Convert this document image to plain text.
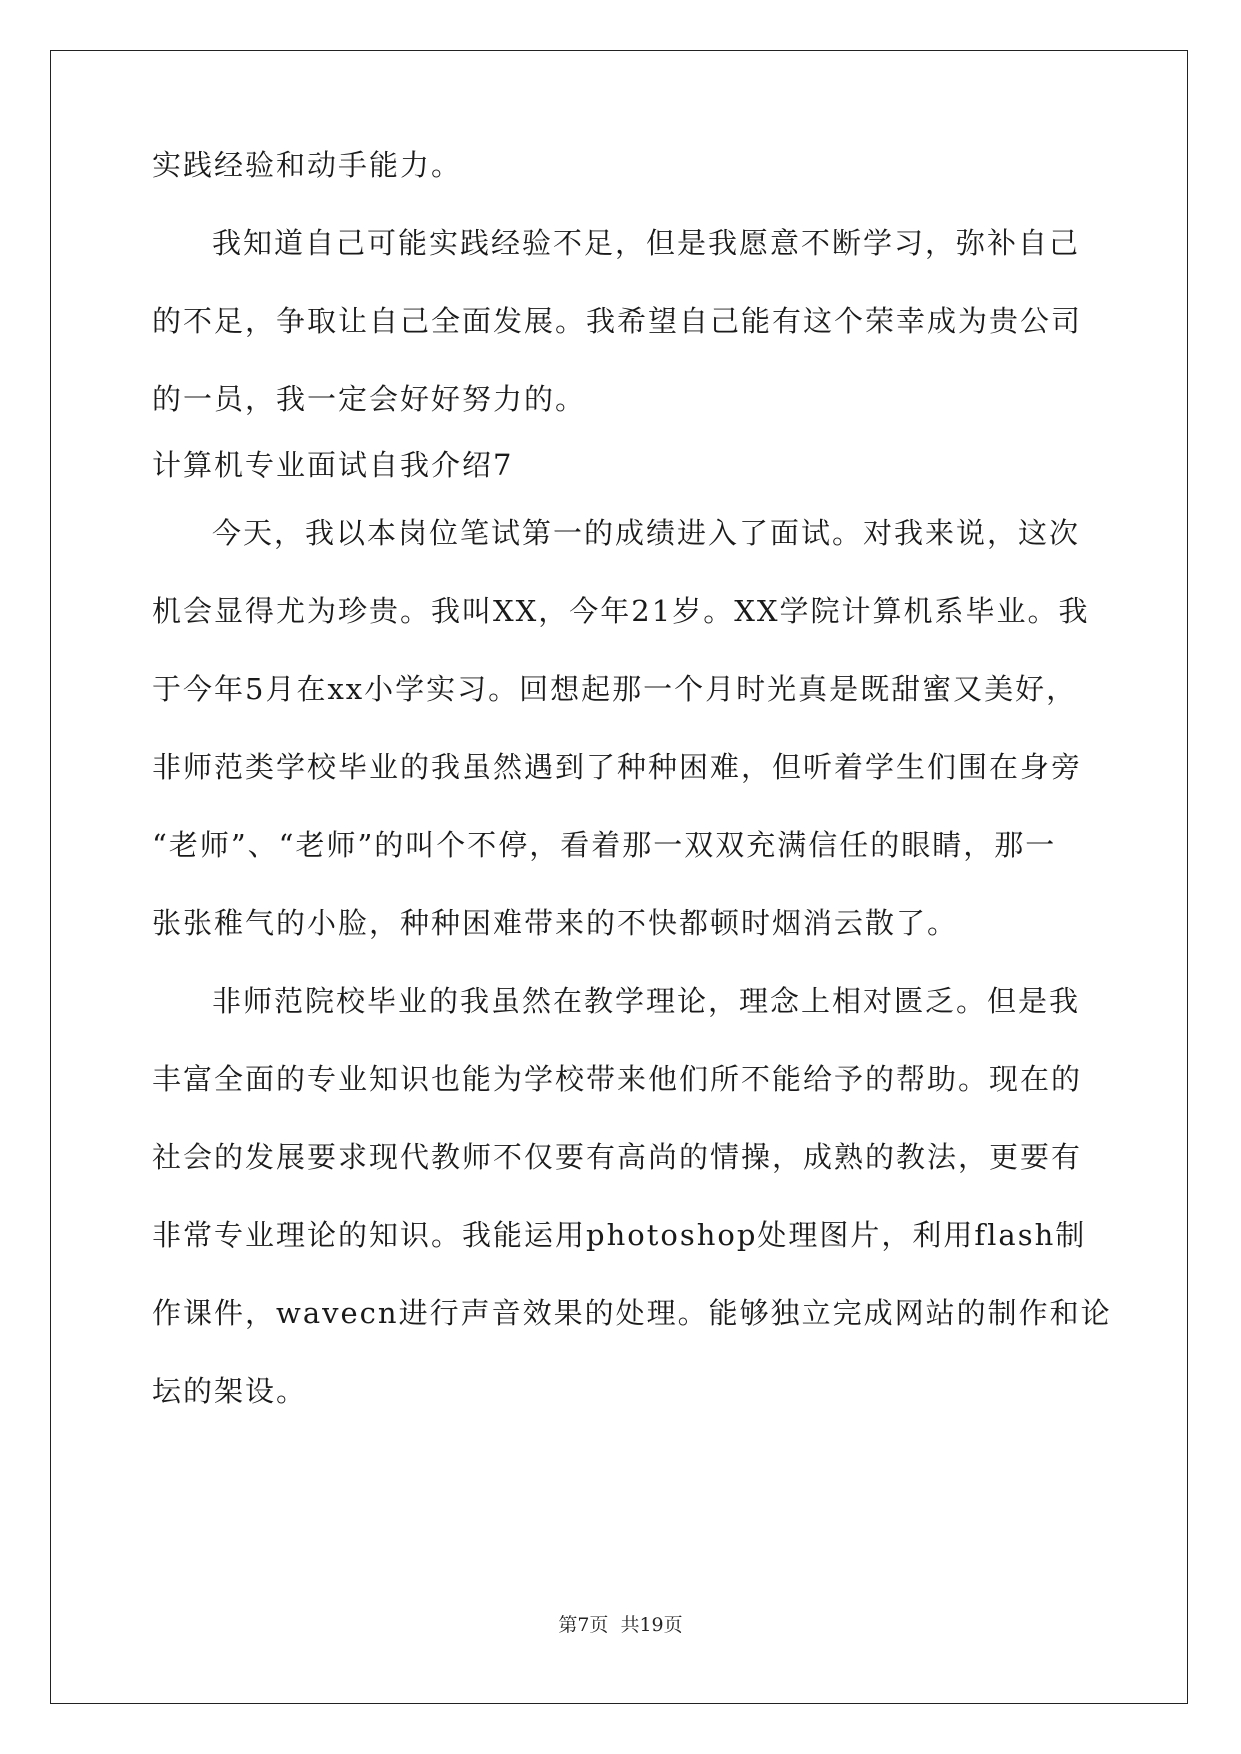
实践经验和动手能力。
我知道自己可能实践经验不足，但是我愿意不断学习，弥补自己
的不足，争取让自己全面发展。我希望自己能有这个荣幸成为贵公司
的一员，我一定会好好努力的。
计算机专业面试自我介绍7
今天，我以本岗位笔试第一的成绩进入了面试。对我来说，这次
机会显得尤为珍贵。我叫XX，今年21岁。XX学院计算机系毕业。我
于今年5月在xx小学实习。回想起那一个月时光真是既甜蜜又美好，
非师范类学校毕业的我虽然遇到了种种困难，但听着学生们围在身旁
“老师”、“老师”的叫个不停，看着那一双双充满信任的眼睛，那一
张张稚气的小脸，种种困难带来的不快都顿时烟消云散了。
非师范院校毕业的我虽然在教学理论，理念上相对匮乏。但是我
丰富全面的专业知识也能为学校带来他们所不能给予的帮助。现在的
社会的发展要求现代教师不仅要有高尚的情操，成熟的教法，更要有
非常专业理论的知识。我能运用photoshop处理图片，利用flash制
作课件，wavecn进行声音效果的处理。能够独立完成网站的制作和论
坛的架设。
第7页 共19页
